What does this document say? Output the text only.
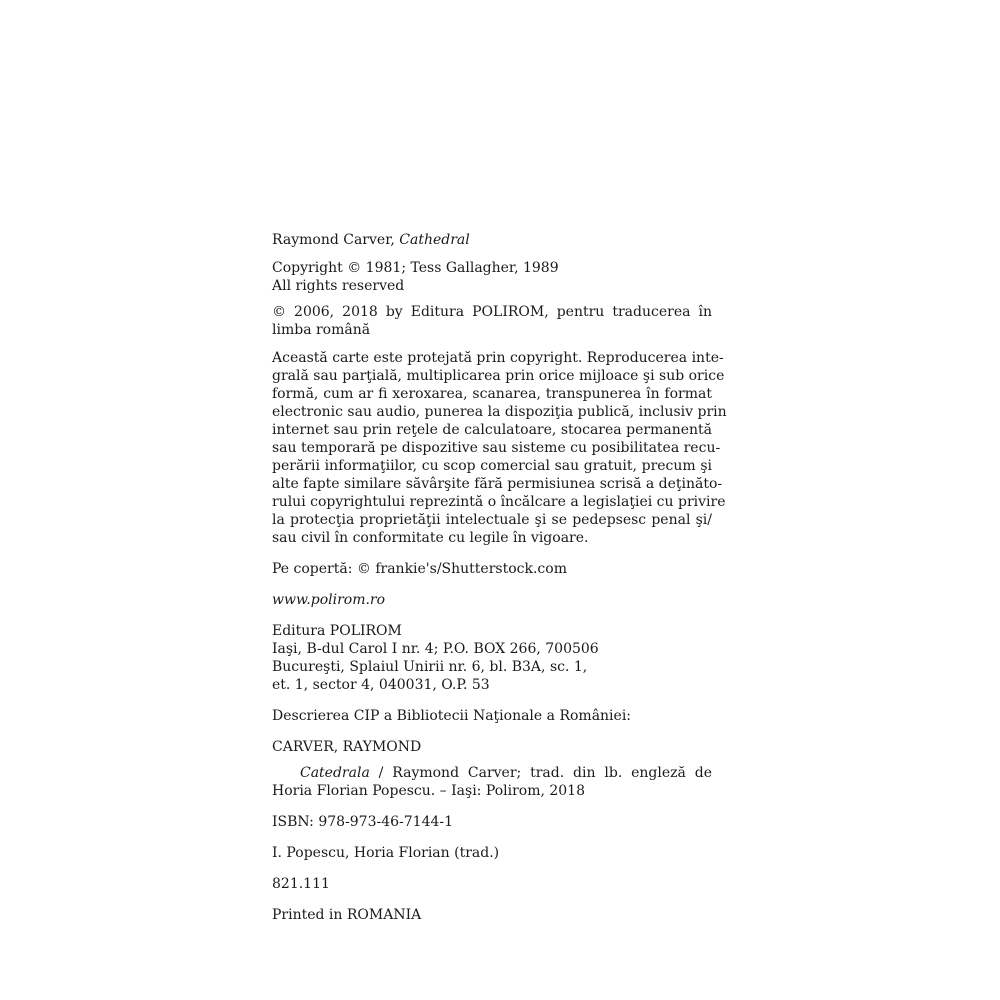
Raymond Carver, Cathedral

Copyright © 1981; Tess Gallagher, 1989
All rights reserved
© 2006, 2018 by Editura POLIROM, pentru traducerea în
limba română
Această carte este protejată prin copyright. Reproducerea inte-
grală sau parţială, multiplicarea prin orice mijloace şi sub orice
formă, cum ar fi xeroxarea, scanarea, transpunerea în format
electronic sau audio, punerea la dispoziţia publică, inclusiv prin
internet sau prin reţele de calculatoare, stocarea permanentă
sau temporară pe dispozitive sau sisteme cu posibilitatea recu-
perării informaţiilor, cu scop comercial sau gratuit, precum şi
alte fapte similare săvârşite fără permisiunea scrisă a deţinăto-
rului copyrightului reprezintă o încălcare a legislaţiei cu privire
la protecţia proprietăţii intelectuale şi se pedepsesc penal şi/
sau civil în conformitate cu legile în vigoare.

Pe copertă: © frankie's/Shutterstock.com

www.polirom.ro

Editura POLIROM
Iaşi, B-dul Carol I nr. 4; P.O. BOX 266, 700506
Bucureşti, Splaiul Unirii nr. 6, bl. B3A, sc. 1,
et. 1, sector 4, 040031, O.P. 53

Descrierea CIP a Bibliotecii Naţionale a României:

CARVER, RAYMOND

Catedrala / Raymond Carver; trad. din lb. engleză de
Horia Florian Popescu. – Iaşi: Polirom, 2018

ISBN: 978-973-46-7144-1

I. Popescu, Horia Florian (trad.)

821.111

Printed in ROMANIA
